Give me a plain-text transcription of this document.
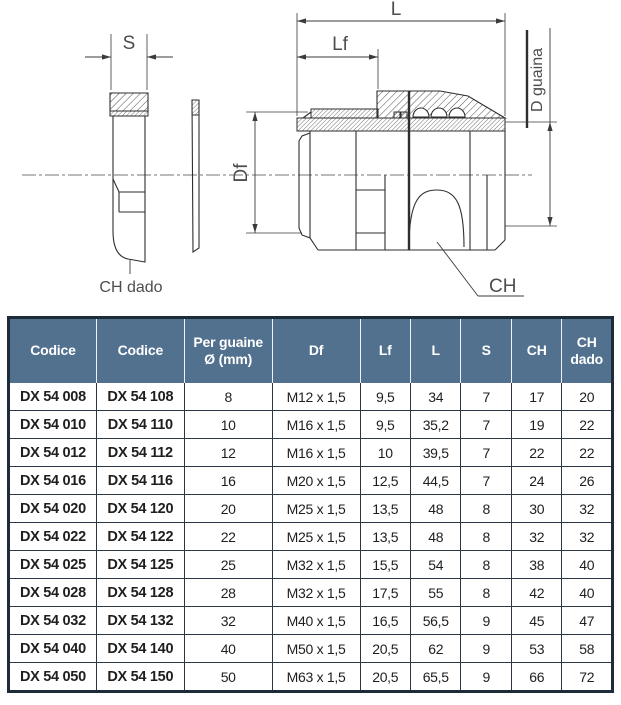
S
CH dado
L
Lf
Df
D guaina
CH
Codice	Codice	Per guaine Ø (mm)	Df	Lf	L	S	CH	CH dado
DX 54 008	DX 54 108	8	M12 x 1,5	9,5	34	7	17	20
DX 54 010	DX 54 110	10	M16 x 1,5	9,5	35,2	7	19	22
DX 54 012	DX 54 112	12	M16 x 1,5	10	39,5	7	22	22
DX 54 016	DX 54 116	16	M20 x 1,5	12,5	44,5	7	24	26
DX 54 020	DX 54 120	20	M25 x 1,5	13,5	48	8	30	32
DX 54 022	DX 54 122	22	M25 x 1,5	13,5	48	8	32	32
DX 54 025	DX 54 125	25	M32 x 1,5	15,5	54	8	38	40
DX 54 028	DX 54 128	28	M32 x 1,5	17,5	55	8	42	40
DX 54 032	DX 54 132	32	M40 x 1,5	16,5	56,5	9	45	47
DX 54 040	DX 54 140	40	M50 x 1,5	20,5	62	9	53	58
DX 54 050	DX 54 150	50	M63 x 1,5	20,5	65,5	9	66	72
